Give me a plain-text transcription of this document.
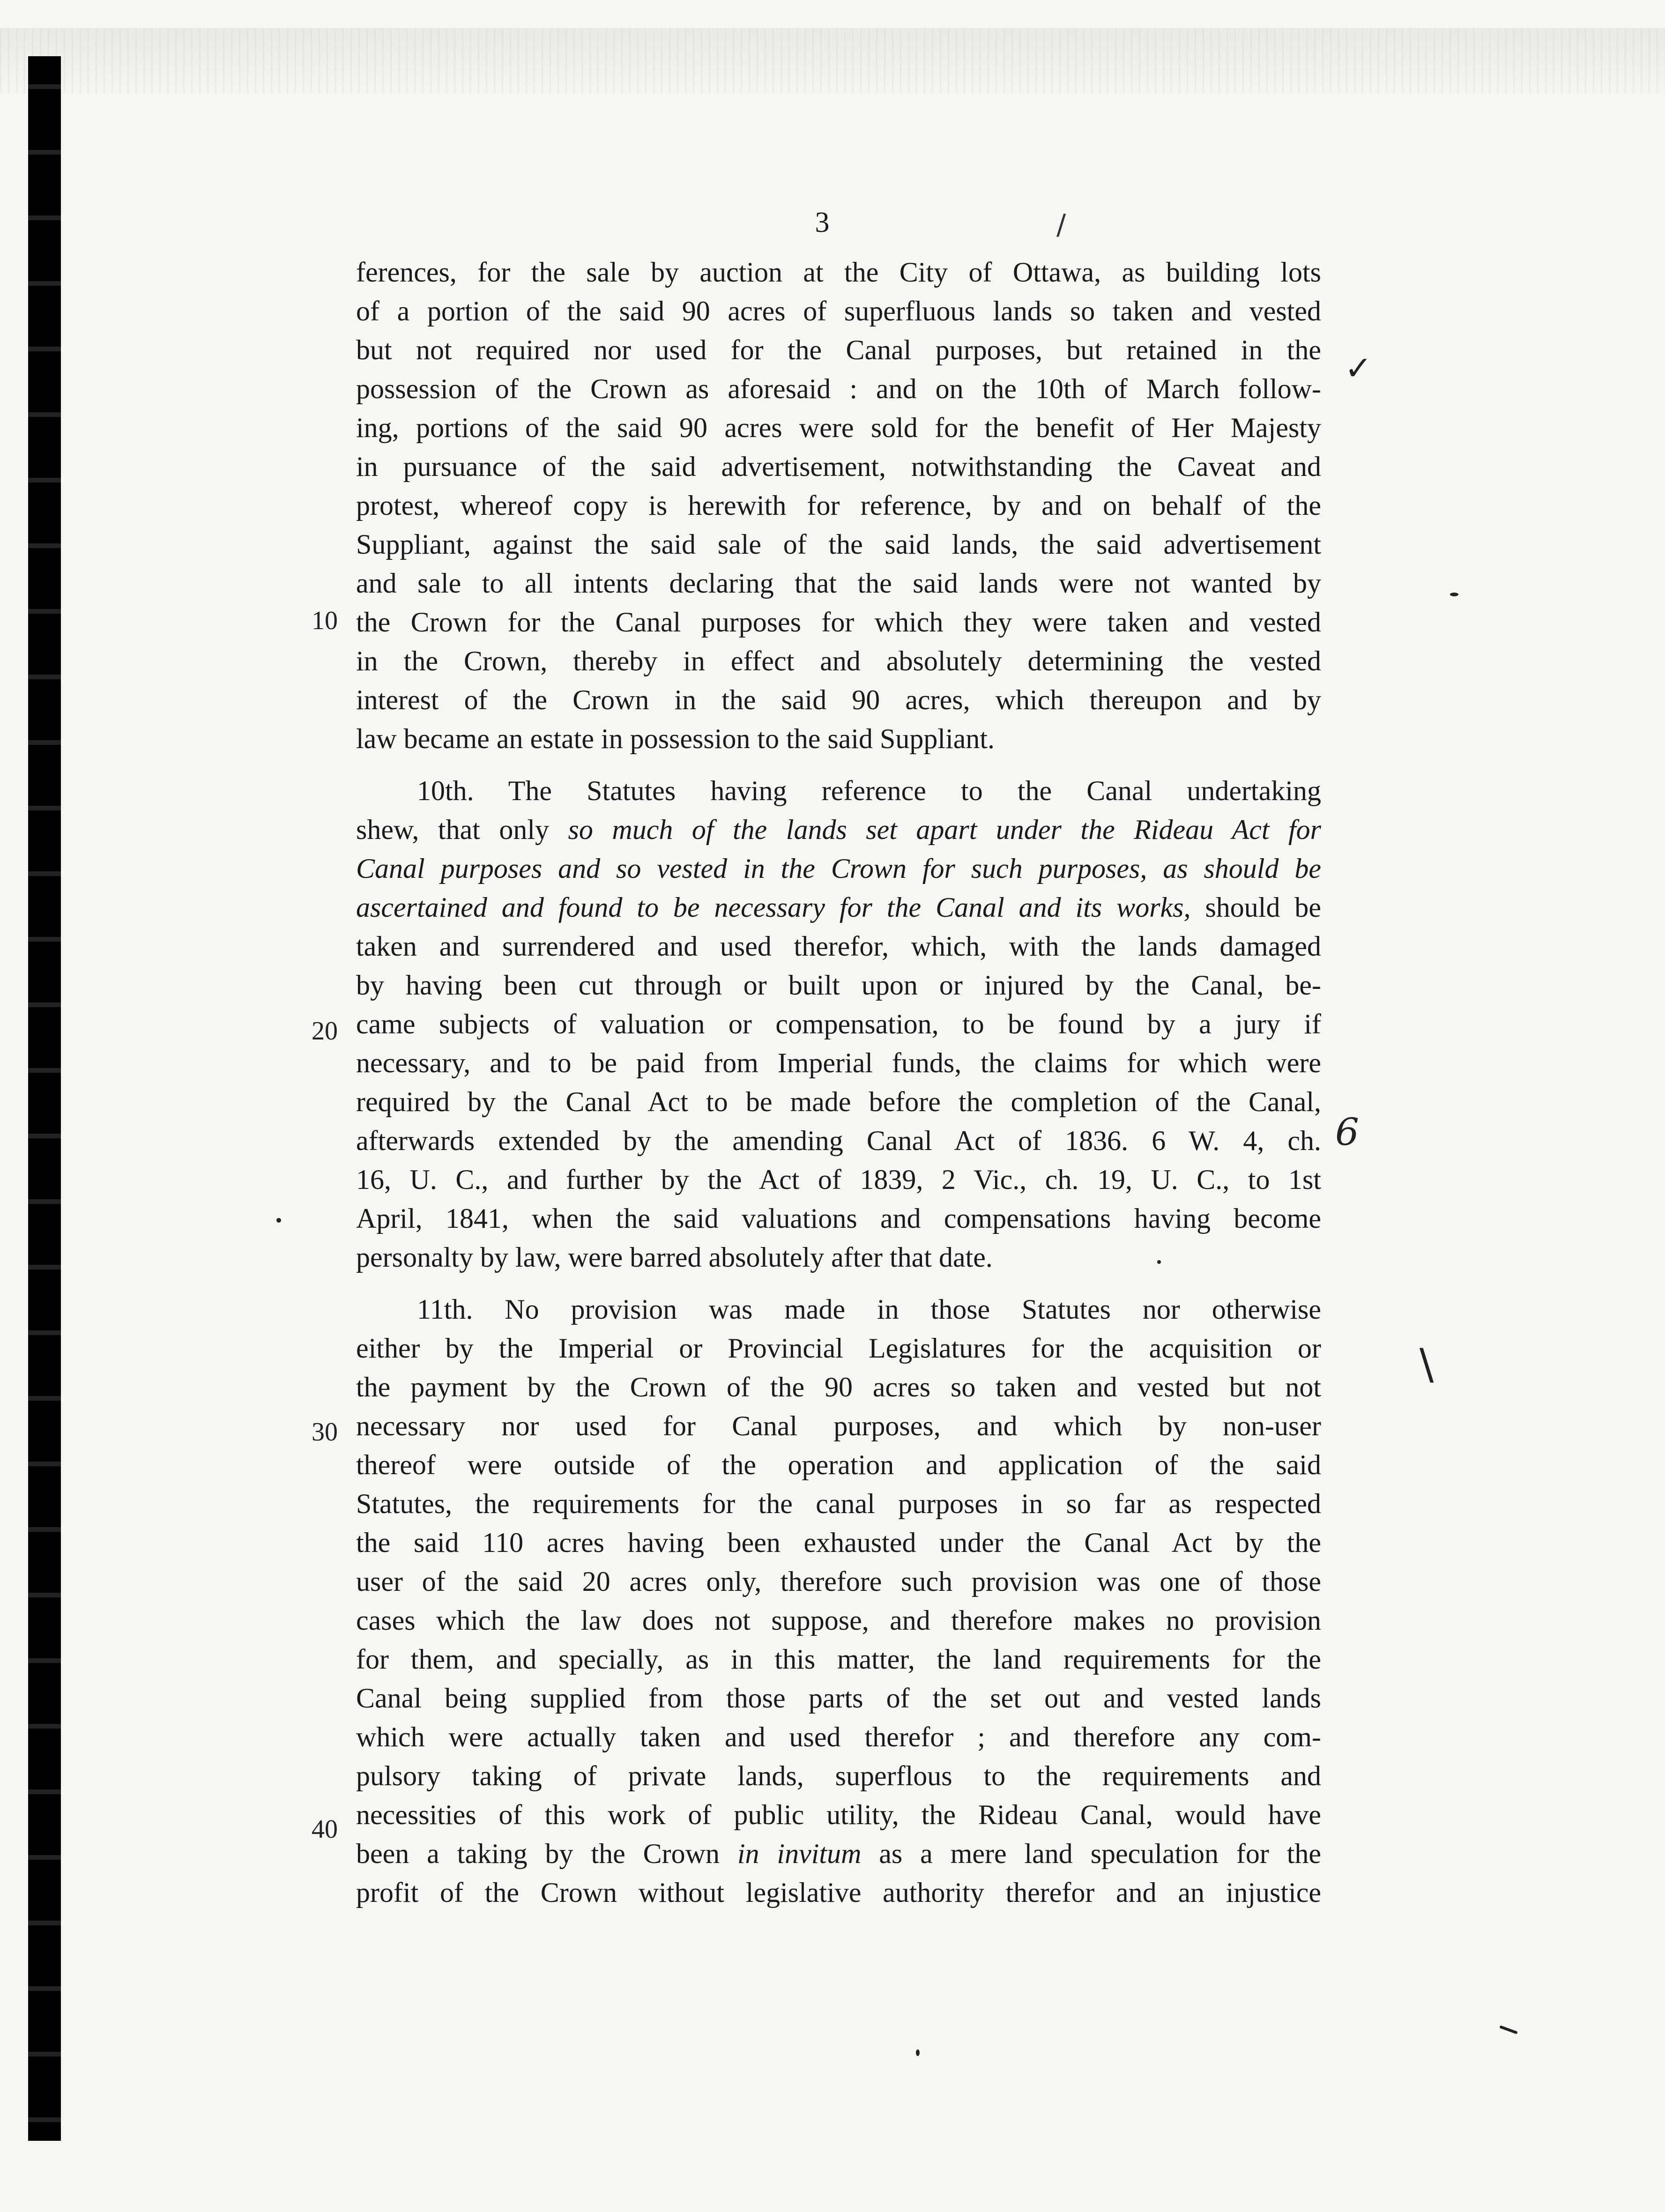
3	/
✓
6
\
10
20
30
40
ferences, for the sale by auction at the City of Ottawa, as building lots
of a portion of the said 90 acres of superfluous lands so taken and vested
but not required nor used for the Canal purposes, but retained in the
possession of the Crown as aforesaid : and on the 10th of March follow-
ing, portions of the said 90 acres were sold for the benefit of Her Majesty
in pursuance of the said advertisement, notwithstanding the Caveat and
protest, whereof copy is herewith for reference, by and on behalf of the
Suppliant, against the said sale of the said lands, the said advertisement
and sale to all intents declaring that the said lands were not wanted by
the Crown for the Canal purposes for which they were taken and vested
in the Crown, thereby in effect and absolutely determining the vested
interest of the Crown in the said 90 acres, which thereupon and by
law became an estate in possession to the said Suppliant.
10th. The Statutes having reference to the Canal undertaking
shew, that only so much of the lands set apart under the Rideau Act for
Canal purposes and so vested in the Crown for such purposes, as should be
ascertained and found to be necessary for the Canal and its works, should be
taken and surrendered and used therefor, which, with the lands damaged
by having been cut through or built upon or injured by the Canal, be-
came subjects of valuation or compensation, to be found by a jury if
necessary, and to be paid from Imperial funds, the claims for which were
required by the Canal Act to be made before the completion of the Canal,
afterwards extended by the amending Canal Act of 1836. 6 W. 4, ch.
16, U. C., and further by the Act of 1839, 2 Vic., ch. 19, U. C., to 1st
April, 1841, when the said valuations and compensations having become
personalty by law, were barred absolutely after that date.
11th. No provision was made in those Statutes nor otherwise
either by the Imperial or Provincial Legislatures for the acquisition or
the payment by the Crown of the 90 acres so taken and vested but not
necessary nor used for Canal purposes, and which by non-user
thereof were outside of the operation and application of the said
Statutes, the requirements for the canal purposes in so far as respected
the said 110 acres having been exhausted under the Canal Act by the
user of the said 20 acres only, therefore such provision was one of those
cases which the law does not suppose, and therefore makes no provision
for them, and specially, as in this matter, the land requirements for the
Canal being supplied from those parts of the set out and vested lands
which were actually taken and used therefor ; and therefore any com-
pulsory taking of private lands, superflous to the requirements and
necessities of this work of public utility, the Rideau Canal, would have
been a taking by the Crown in invitum as a mere land speculation for the
profit of the Crown without legislative authority therefor and an injustice
